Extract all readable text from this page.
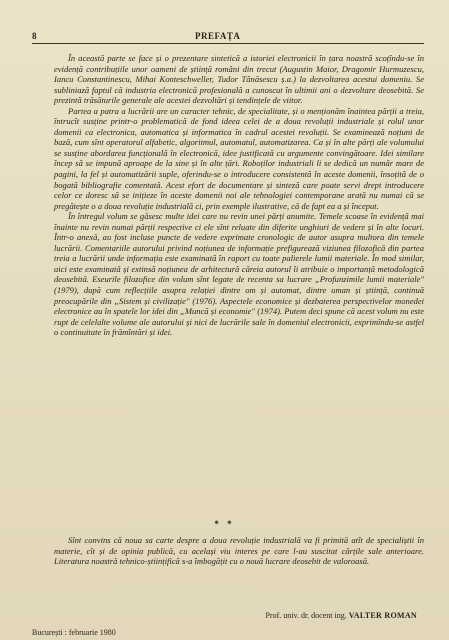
8	PREFAȚA

În această parte se face și o prezentare sintetică a istoriei electronicii în țara noastră scoțîndu-se în evidență contribuțiile unor oameni de știință români din trecut (Augustin Maior, Dragomir Hurmuzescu, Iancu Constantinescu, Mihai Konteschweller, Tudor Tănăsescu ș.a.) la dezvoltarea acestui domeniu. Se subliniază faptul că industria electronică profesională a cunoscut în ultimii ani o dezvoltare deosebită. Se prezintă trăsăturile generale ale acestei dezvoltări și tendințele de viitor.

Partea a patra a lucrării are un caracter tehnic, de specialitate, și o menționăm înaintea părții a treia, întrucît susține printr-o problematică de fond ideea celei de a doua revoluții industriale și rolul unor domenii ca electronica, automatica și informatica în cadrul acestei revoluții. Se examinează noțiuni de bază, cum sînt operatorul alfabetic, algoritmul, automatul, automatizarea. Ca și în alte părți ale volumului se susține abordarea funcțională în electronică, idee justificată cu argumente convingătoare. Idei similare încep să se impună aproape de la sine și în alte țări. Roboților industriali li se dedică un număr mare de pagini, la fel și automatizării suple, oferindu-se o introducere consistentă în aceste domenii, însoțită de o bogată bibliografie comentată. Acest efort de documentare și sinteză care poate servi drept introducere celor ce doresc să se inițieze în aceste domenii noi ale tehnologiei contemporane arată nu numai că se pregătește o a doua revoluție industrială ci, prin exemple ilustrative, că de fapt ea a și început.

În întregul volum se găsesc multe idei care nu revin unei părți anumite. Temele scoase în evidență mai înainte nu revin numai părții respective ci ele sînt reluate din diferite unghiuri de vedere și în alte locuri. Într-o anexă, au fost incluse puncte de vedere exprimate cronologic de autor asupra multora din temele lucrării. Comentariile autorului privind noțiunea de informație prefigurează viziunea filozofică din partea treia a lucrării unde informația este examinată în raport cu toate palierele lumii materiale. În mod similar, aici este examinată și extinsă noțiunea de arhitectură căreia autorul îi atribuie o importanță metodologică deosebită. Eseurile filozofice din volum sînt legate de recenta sa lucrare „Profunzimile lumii materiale" (1979), după cum reflecțiile asupra relației dintre om și automat, dintre uman și știință, continuă preocupările din „Sistem și civilizație" (1976). Aspectele economice și dezbaterea perspectivelor monedei electronice au în spatele lor idei din „Muncă și economie" (1974). Putem deci spune că acest volum nu este rupt de celelalte volume ale autorului și nici de lucrările sale în domeniul electronicii, exprimîndu-se astfel o continuitate în frămîntări și idei.

* *

Sînt convins că noua sa carte despre a doua revoluție industrială va fi primită atît de specialiștii în materie, cît și de opinia publică, cu același viu interes pe care l-au suscitat cărțile sale anterioare. Literatura noastră tehnico-științifică s-a îmbogățit cu o nouă lucrare deosebit de valoroasă.

Prof. univ. dr. docent ing. VALTER ROMAN
București : februarie 1980
